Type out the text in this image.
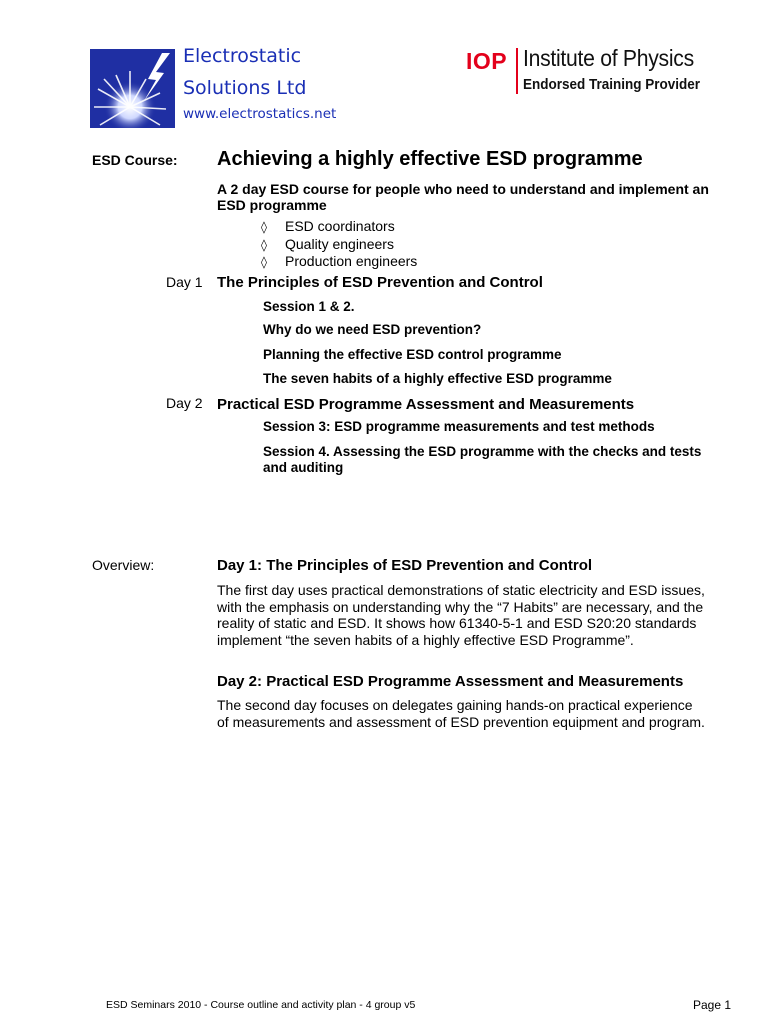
Electrostatic
Solutions Ltd
www.electrostatics.net
IOP Institute of Physics
Endorsed Training Provider
ESD Course: Achieving a highly effective ESD programme
A 2 day ESD course for people who need to understand and implement an ESD programme
◊ ESD coordinators
◊ Quality engineers
◊ Production engineers
Day 1 The Principles of ESD Prevention and Control
Session 1 & 2.
Why do we need ESD prevention?
Planning the effective ESD control programme
The seven habits of a highly effective ESD programme
Day 2 Practical ESD Programme Assessment and Measurements
Session 3: ESD programme measurements and test methods
Session 4. Assessing the ESD programme with the checks and tests and auditing
Overview:	Day 1: The Principles of ESD Prevention and Control
The first day uses practical demonstrations of static electricity and ESD issues, with the emphasis on understanding why the “7 Habits” are necessary, and the reality of static and ESD. It shows how 61340-5-1 and ESD S20:20 standards implement “the seven habits of a highly effective ESD Programme”.
Day 2: Practical ESD Programme Assessment and Measurements
The second day focuses on delegates gaining hands-on practical experience of measurements and assessment of ESD prevention equipment and program.
ESD Seminars 2010 - Course outline and activity plan - 4 group v5	Page 1
